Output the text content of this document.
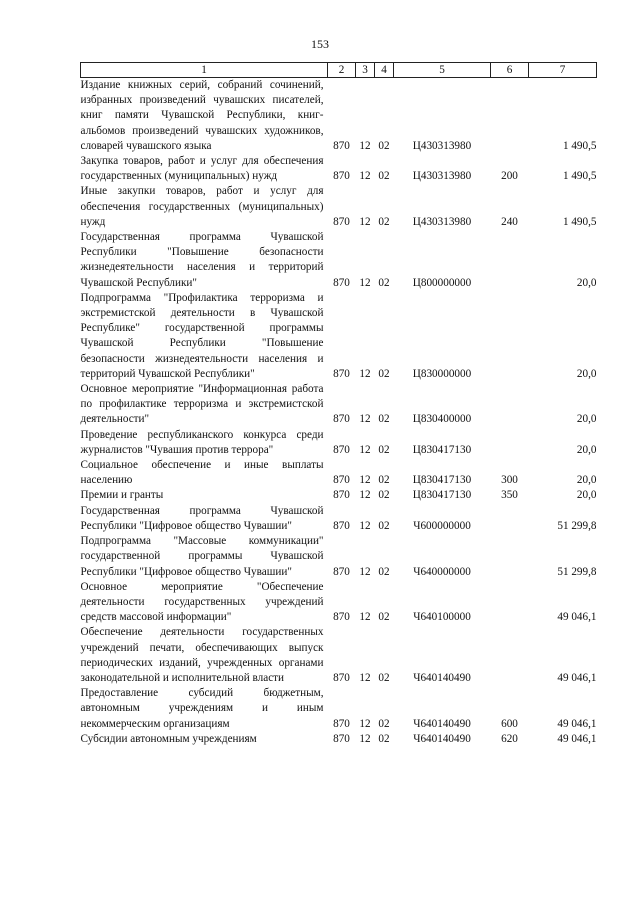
153
1	2	3	4	5	6	7
Издание книжных серий, собраний сочинений, избранных произведений чувашских писателей, книг памяти Чувашской Республики, книг-альбомов произведений чувашских художников, словарей чувашского языка	870	12	02	Ц430313980		1 490,5
Закупка товаров, работ и услуг для обеспечения государственных (муниципальных) нужд	870	12	02	Ц430313980	200	1 490,5
Иные закупки товаров, работ и услуг для обеспечения государственных (муниципальных) нужд	870	12	02	Ц430313980	240	1 490,5
Государственная программа Чувашской Республики "Повышение безопасности жизнедеятельности населения и территорий Чувашской Республики"	870	12	02	Ц800000000		20,0
Подпрограмма "Профилактика терроризма и экстремистской деятельности в Чувашской Республике" государственной программы Чувашской Республики "Повышение безопасности жизнедеятельности населения и территорий Чувашской Республики"	870	12	02	Ц830000000		20,0
Основное мероприятие "Информационная работа по профилактике терроризма и экстремистской деятельности"	870	12	02	Ц830400000		20,0
Проведение республиканского конкурса среди журналистов "Чувашия против террора"	870	12	02	Ц830417130		20,0
Социальное обеспечение и иные выплаты населению	870	12	02	Ц830417130	300	20,0
Премии и гранты	870	12	02	Ц830417130	350	20,0
Государственная программа Чувашской Республики "Цифровое общество Чувашии"	870	12	02	Ч600000000		51 299,8
Подпрограмма "Массовые коммуникации" государственной программы Чувашской Республики "Цифровое общество Чувашии"	870	12	02	Ч640000000		51 299,8
Основное мероприятие "Обеспечение деятельности государственных учреждений средств массовой информации"	870	12	02	Ч640100000		49 046,1
Обеспечение деятельности государственных учреждений печати, обеспечивающих выпуск периодических изданий, учрежденных органами законодательной и исполнительной власти	870	12	02	Ч640140490		49 046,1
Предоставление субсидий бюджетным, автономным учреждениям и иным некоммерческим организациям	870	12	02	Ч640140490	600	49 046,1
Субсидии автономным учреждениям	870	12	02	Ч640140490	620	49 046,1
